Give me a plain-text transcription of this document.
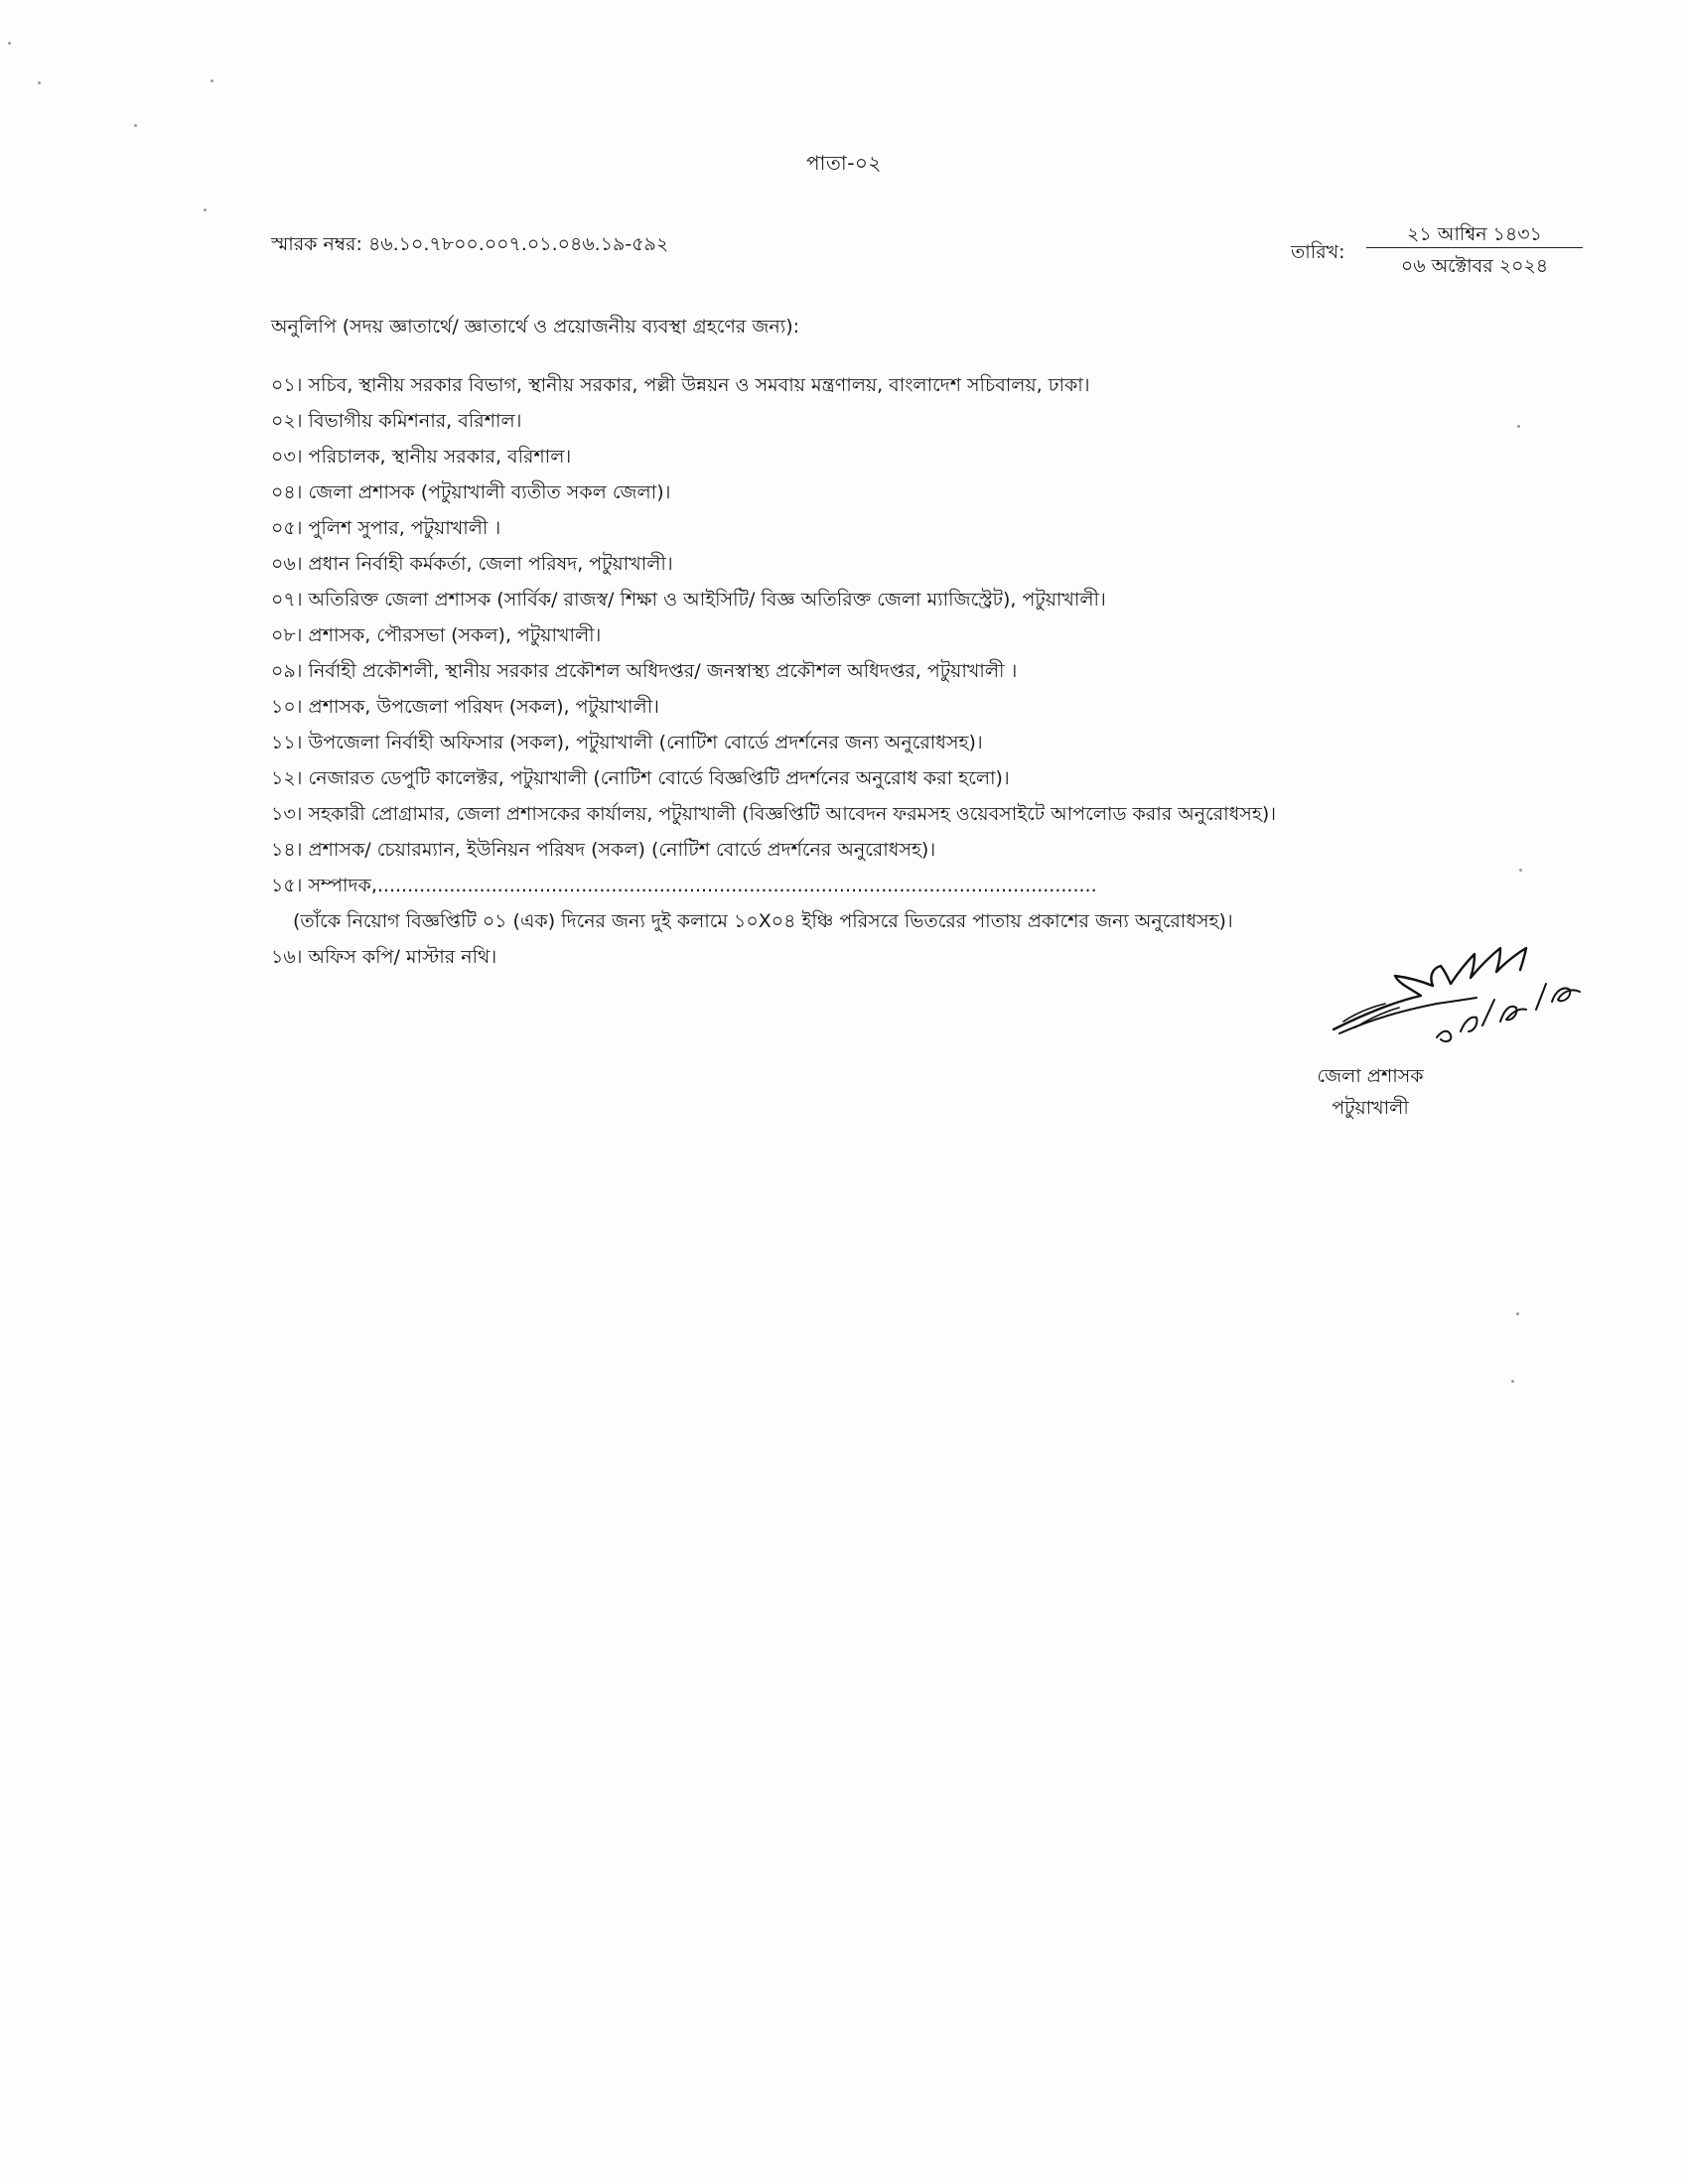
পাতা-০২
স্মারক নম্বর: ৪৬.১০.৭৮০০.০০৭.০১.০৪৬.১৯-৫৯২	তারিখ:
২১ আশ্বিন ১৪৩১
০৬ অক্টোবর ২০২৪
অনুলিপি (সদয় জ্ঞাতার্থে/ জ্ঞাতার্থে ও প্রয়োজনীয় ব্যবস্থা গ্রহণের জন্য):
০১। সচিব, স্থানীয় সরকার বিভাগ, স্থানীয় সরকার, পল্লী উন্নয়ন ও সমবায় মন্ত্রণালয়, বাংলাদেশ সচিবালয়, ঢাকা।
০২। বিভাগীয় কমিশনার, বরিশাল।
০৩। পরিচালক, স্থানীয় সরকার, বরিশাল।
০৪। জেলা প্রশাসক (পটুয়াখালী ব্যতীত সকল জেলা)।
০৫। পুলিশ সুপার, পটুয়াখালী ।
০৬। প্রধান নির্বাহী কর্মকর্তা, জেলা পরিষদ, পটুয়াখালী।
০৭। অতিরিক্ত জেলা প্রশাসক (সার্বিক/ রাজস্ব/ শিক্ষা ও আইসিটি/ বিজ্ঞ অতিরিক্ত জেলা ম্যাজিস্ট্রেট), পটুয়াখালী।
০৮। প্রশাসক, পৌরসভা (সকল), পটুয়াখালী।
০৯। নির্বাহী প্রকৌশলী, স্থানীয় সরকার প্রকৌশল অধিদপ্তর/ জনস্বাস্থ্য প্রকৌশল অধিদপ্তর, পটুয়াখালী ।
১০। প্রশাসক, উপজেলা পরিষদ (সকল), পটুয়াখালী।
১১। উপজেলা নির্বাহী অফিসার (সকল), পটুয়াখালী (নোটিশ বোর্ডে প্রদর্শনের জন্য অনুরোধসহ)।
১২। নেজারত ডেপুটি কালেক্টর, পটুয়াখালী (নোটিশ বোর্ডে বিজ্ঞপ্তিটি প্রদর্শনের অনুরোধ করা হলো)।
১৩। সহকারী প্রোগ্রামার, জেলা প্রশাসকের কার্যালয়, পটুয়াখালী (বিজ্ঞপ্তিটি আবেদন ফরমসহ ওয়েবসাইটে আপলোড করার অনুরোধসহ)।
১৪। প্রশাসক/ চেয়ারম্যান, ইউনিয়ন পরিষদ (সকল) (নোটিশ বোর্ডে প্রদর্শনের অনুরোধসহ)।
১৫। সম্পাদক,........................................................................................................................
(তাঁকে নিয়োগ বিজ্ঞপ্তিটি ০১ (এক) দিনের জন্য দুই কলামে ১০X০৪ ইঞ্চি পরিসরে ভিতরের পাতায় প্রকাশের জন্য অনুরোধসহ)।
১৬। অফিস কপি/ মাস্টার নথি।
জেলা প্রশাসক
পটুয়াখালী
